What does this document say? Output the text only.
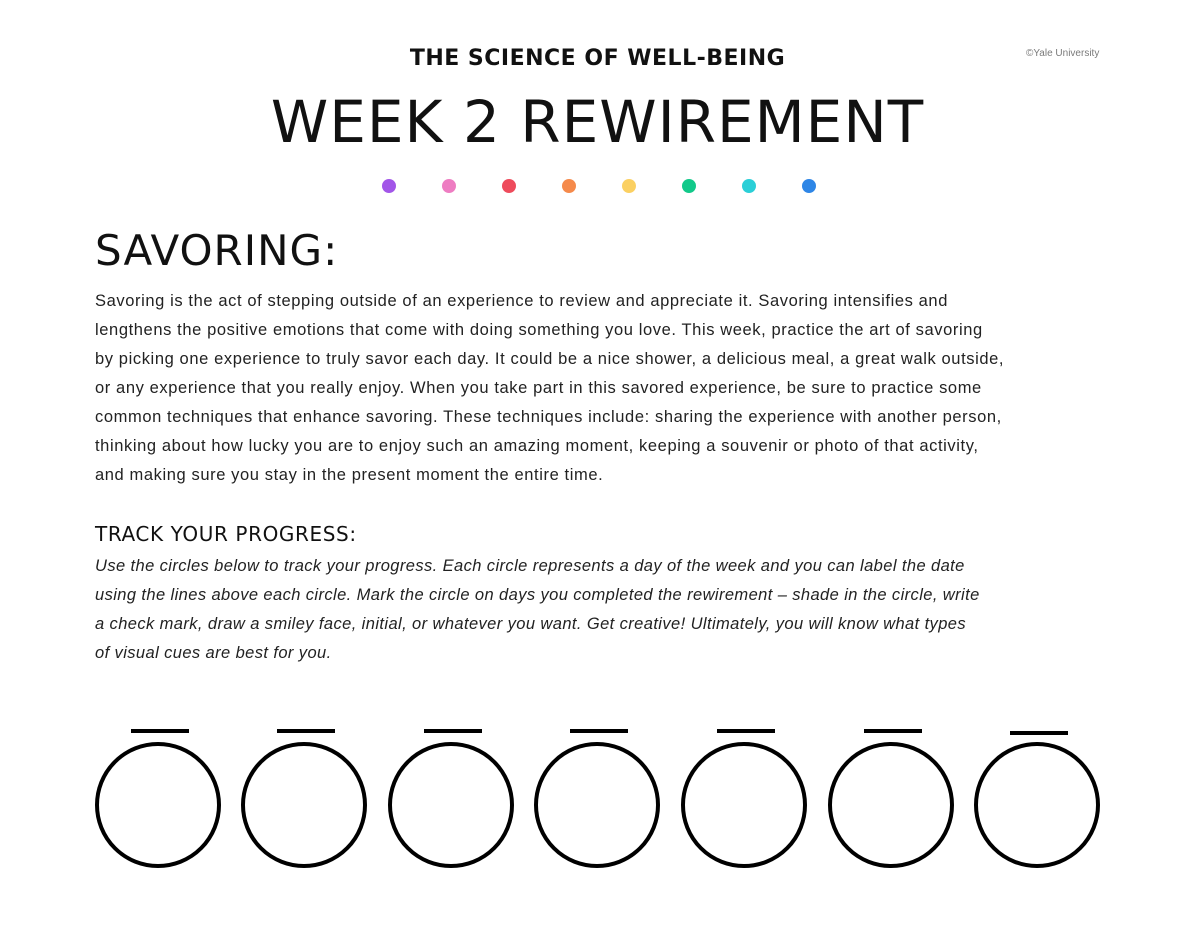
©Yale University
THE SCIENCE OF WELL-BEING
WEEK 2 REWIREMENT
SAVORING:
Savoring is the act of stepping outside of an experience to review and appreciate it. Savoring intensifies and
lengthens the positive emotions that come with doing something you love. This week, practice the art of savoring
by picking one experience to truly savor each day. It could be a nice shower, a delicious meal, a great walk outside,
or any experience that you really enjoy. When you take part in this savored experience, be sure to practice some
common techniques that enhance savoring. These techniques include: sharing the experience with another person,
thinking about how lucky you are to enjoy such an amazing moment, keeping a souvenir or photo of that activity,
and making sure you stay in the present moment the entire time.
TRACK YOUR PROGRESS:
Use the circles below to track your progress. Each circle represents a day of the week and you can label the date
using the lines above each circle. Mark the circle on days you completed the rewirement – shade in the circle, write
a check mark, draw a smiley face, initial, or whatever you want. Get creative! Ultimately, you will know what types
of visual cues are best for you.
